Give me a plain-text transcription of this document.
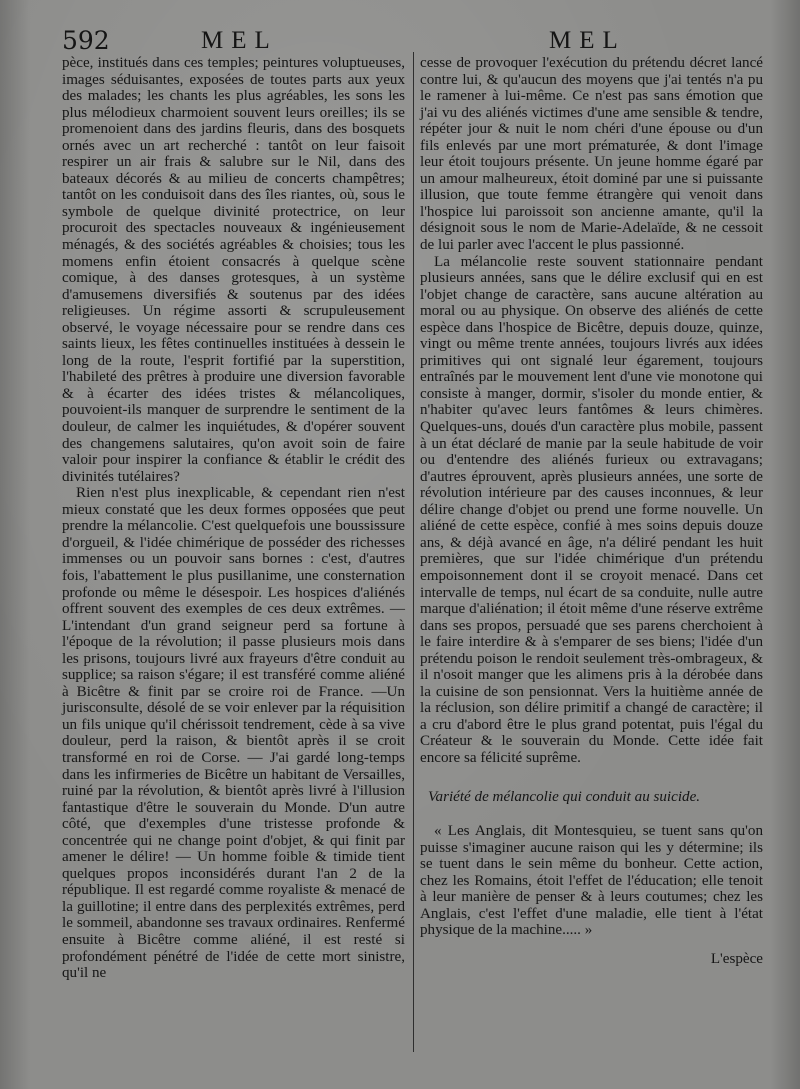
592	MEL	MEL

pèce, institués dans ces temples; peintures voluptueuses, images séduisantes, exposées de toutes parts aux yeux des malades; les chants les plus agréables, les sons les plus mélodieux charmoient souvent leurs oreilles; ils se promenoient dans des jardins fleuris, dans des bosquets ornés avec un art recherché : tantôt on leur faisoit respirer un air frais & salubre sur le Nil, dans des bateaux décorés & au milieu de concerts champêtres; tantôt on les conduisoit dans des îles riantes, où, sous le symbole de quelque divinité protectrice, on leur procuroit des spectacles nouveaux & ingénieusement ménagés, & des sociétés agréables & choisies; tous les momens enfin étoient consacrés à quelque scène comique, à des danses grotesques, à un système d'amusemens diversifiés & soutenus par des idées religieuses. Un régime assorti & scrupuleusement observé, le voyage nécessaire pour se rendre dans ces saints lieux, les fêtes continuelles instituées à dessein le long de la route, l'esprit fortifié par la superstition, l'habileté des prêtres à produire une diversion favorable & à écarter des idées tristes & mélancoliques, pouvoient-ils manquer de surprendre le sentiment de la douleur, de calmer les inquiétudes, & d'opérer souvent des changemens salutaires, qu'on avoit soin de faire valoir pour inspirer la confiance & établir le crédit des divinités tutélaires?

Rien n'est plus inexplicable, & cependant rien n'est mieux constaté que les deux formes opposées que peut prendre la mélancolie. C'est quelquefois une boussissure d'orgueil, & l'idée chimérique de posséder des richesses immenses ou un pouvoir sans bornes : c'est, d'autres fois, l'abattement le plus pusillanime, une consternation profonde ou même le désespoir. Les hospices d'aliénés offrent souvent des exemples de ces deux extrêmes. — L'intendant d'un grand seigneur perd sa fortune à l'époque de la révolution; il passe plusieurs mois dans les prisons, toujours livré aux frayeurs d'être conduit au supplice; sa raison s'égare; il est transféré comme aliéné à Bicêtre & finit par se croire roi de France. —Un jurisconsulte, désolé de se voir enlever par la réquisition un fils unique qu'il chérissoit tendrement, cède à sa vive douleur, perd la raison, & bientôt après il se croit transformé en roi de Corse. — J'ai gardé long-temps dans les infirmeries de Bicêtre un habitant de Versailles, ruiné par la révolution, & bientôt après livré à l'illusion fantastique d'être le souverain du Monde. D'un autre côté, que d'exemples d'une tristesse profonde & concentrée qui ne change point d'objet, & qui finit par amener le délire! — Un homme foible & timide tient quelques propos inconsidérés durant l'an 2 de la république. Il est regardé comme royaliste & menacé de la guillotine; il entre dans des perplexités extrêmes, perd le sommeil, abandonne ses travaux ordinaires. Renfermé ensuite à Bicêtre comme aliéné, il est resté si profondément pénétré de l'idée de cette mort sinistre, qu'il ne

cesse de provoquer l'exécution du prétendu décret lancé contre lui, & qu'aucun des moyens que j'ai tentés n'a pu le ramener à lui-même. Ce n'est pas sans émotion que j'ai vu des aliénés victimes d'une ame sensible & tendre, répéter jour & nuit le nom chéri d'une épouse ou d'un fils enlevés par une mort prématurée, & dont l'image leur étoit toujours présente. Un jeune homme égaré par un amour malheureux, étoit dominé par une si puissante illusion, que toute femme étrangère qui venoit dans l'hospice lui paroissoit son ancienne amante, qu'il la désignoit sous le nom de Marie-Adelaïde, & ne cessoit de lui parler avec l'accent le plus passionné.

La mélancolie reste souvent stationnaire pendant plusieurs années, sans que le délire exclusif qui en est l'objet change de caractère, sans aucune altération au moral ou au physique. On observe des aliénés de cette espèce dans l'hospice de Bicêtre, depuis douze, quinze, vingt ou même trente années, toujours livrés aux idées primitives qui ont signalé leur égarement, toujours entraînés par le mouvement lent d'une vie monotone qui consiste à manger, dormir, s'isoler du monde entier, & n'habiter qu'avec leurs fantômes & leurs chimères. Quelques-uns, doués d'un caractère plus mobile, passent à un état déclaré de manie par la seule habitude de voir ou d'entendre des aliénés furieux ou extravagans; d'autres éprouvent, après plusieurs années, une sorte de révolution intérieure par des causes inconnues, & leur délire change d'objet ou prend une forme nouvelle. Un aliéné de cette espèce, confié à mes soins depuis douze ans, & déjà avancé en âge, n'a déliré pendant les huit premières, que sur l'idée chimérique d'un prétendu empoisonnement dont il se croyoit menacé. Dans cet intervalle de temps, nul écart de sa conduite, nulle autre marque d'aliénation; il étoit même d'une réserve extrême dans ses propos, persuadé que ses parens cherchoient à le faire interdire & à s'emparer de ses biens; l'idée d'un prétendu poison le rendoit seulement très-ombrageux, & il n'osoit manger que les alimens pris à la dérobée dans la cuisine de son pensionnat. Vers la huitième année de la réclusion, son délire primitif a changé de caractère; il a cru d'abord être le plus grand potentat, puis l'égal du Créateur & le souverain du Monde. Cette idée fait encore sa félicité suprême.

Variété de mélancolie qui conduit au suicide.

« Les Anglais, dit Montesquieu, se tuent sans qu'on puisse s'imaginer aucune raison qui les y détermine; ils se tuent dans le sein même du bonheur. Cette action, chez les Romains, étoit l'effet de l'éducation; elle tenoit à leur manière de penser & à leurs coutumes; chez les Anglais, c'est l'effet d'une maladie, elle tient à l'état physique de la machine..... »

L'espèce
